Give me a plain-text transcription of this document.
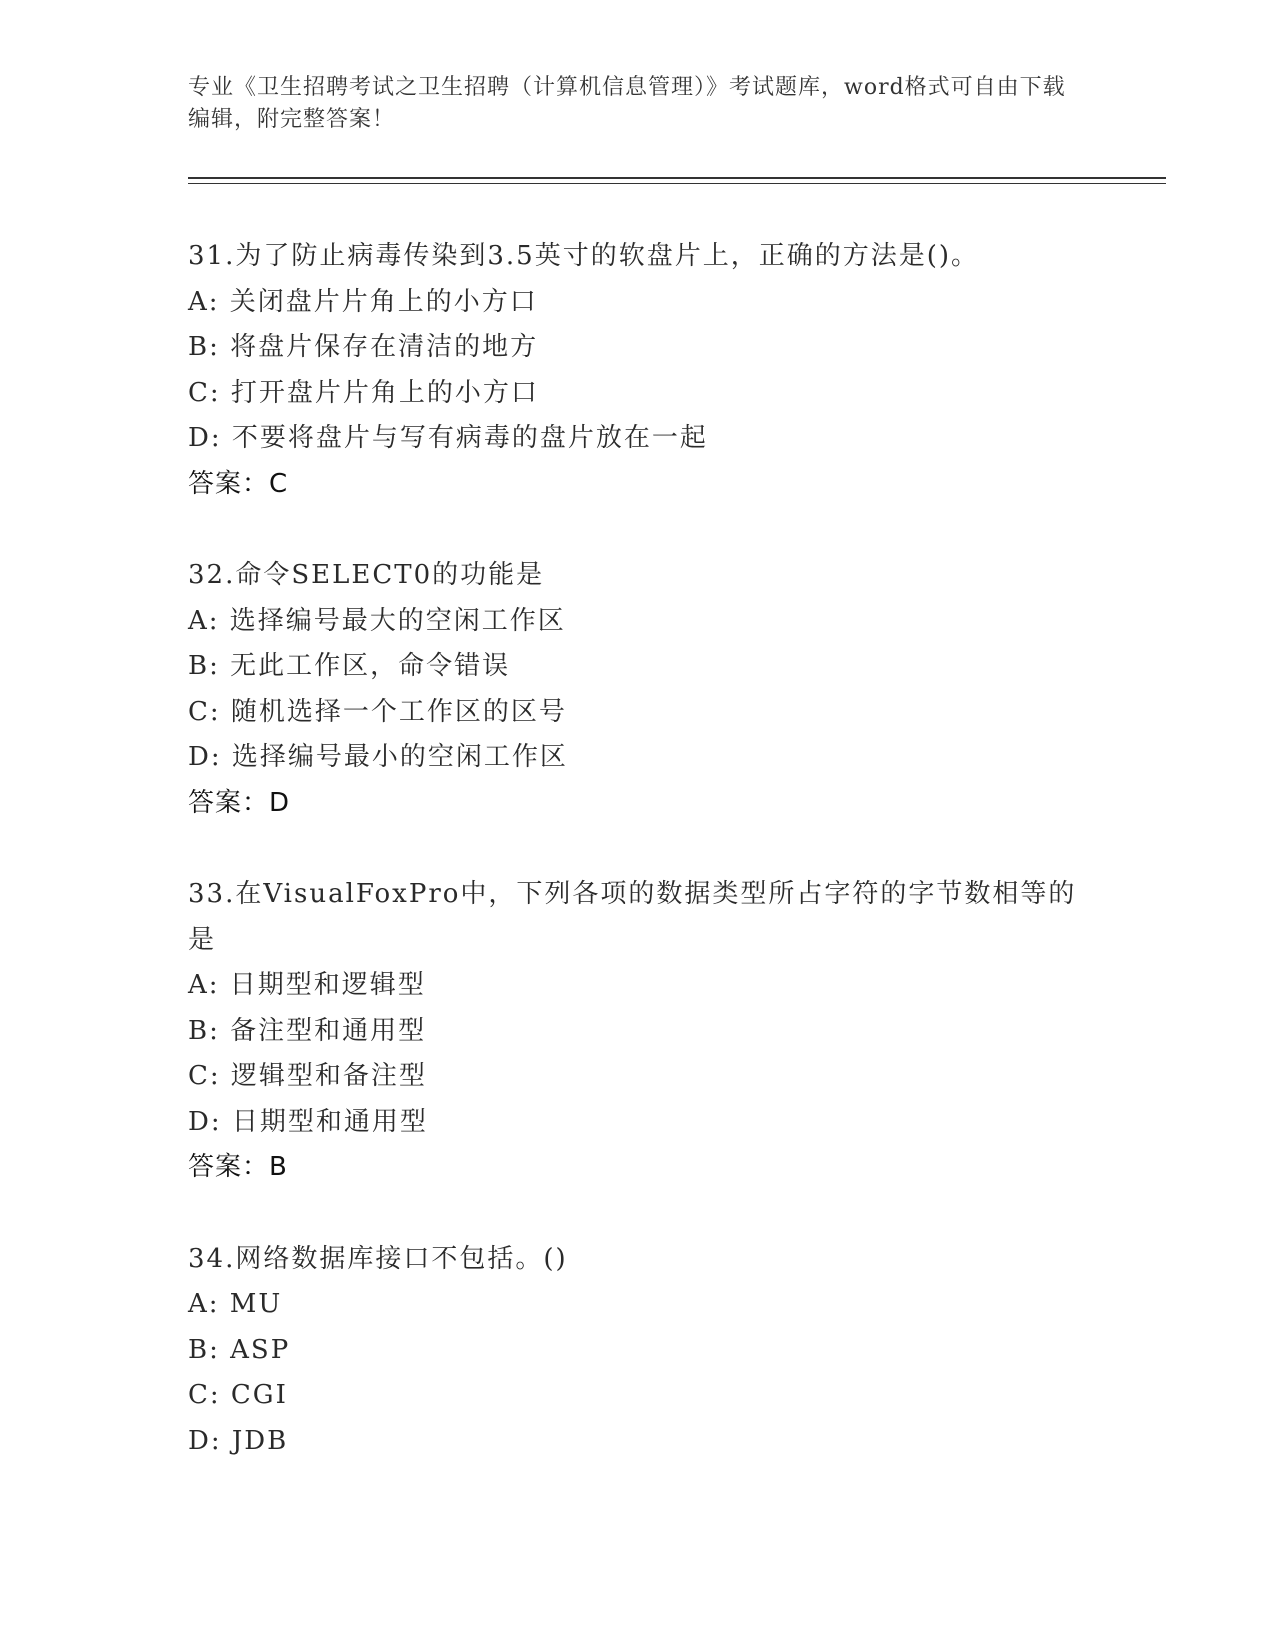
专业《卫生招聘考试之卫生招聘（计算机信息管理）》考试题库，word格式可自由下载编辑，附完整答案！
31.为了防止病毒传染到3.5英寸的软盘片上，正确的方法是()。
A: 关闭盘片片角上的小方口
B: 将盘片保存在清洁的地方
C: 打开盘片片角上的小方口
D: 不要将盘片与写有病毒的盘片放在一起
答案：C
32.命令SELECT0的功能是
A: 选择编号最大的空闲工作区
B: 无此工作区，命令错误
C: 随机选择一个工作区的区号
D: 选择编号最小的空闲工作区
答案：D
33.在VisualFoxPro中，下列各项的数据类型所占字符的字节数相等的是
A: 日期型和逻辑型
B: 备注型和通用型
C: 逻辑型和备注型
D: 日期型和通用型
答案：B
34.网络数据库接口不包括。()
A: MU
B: ASP
C: CGI
D: JDB
